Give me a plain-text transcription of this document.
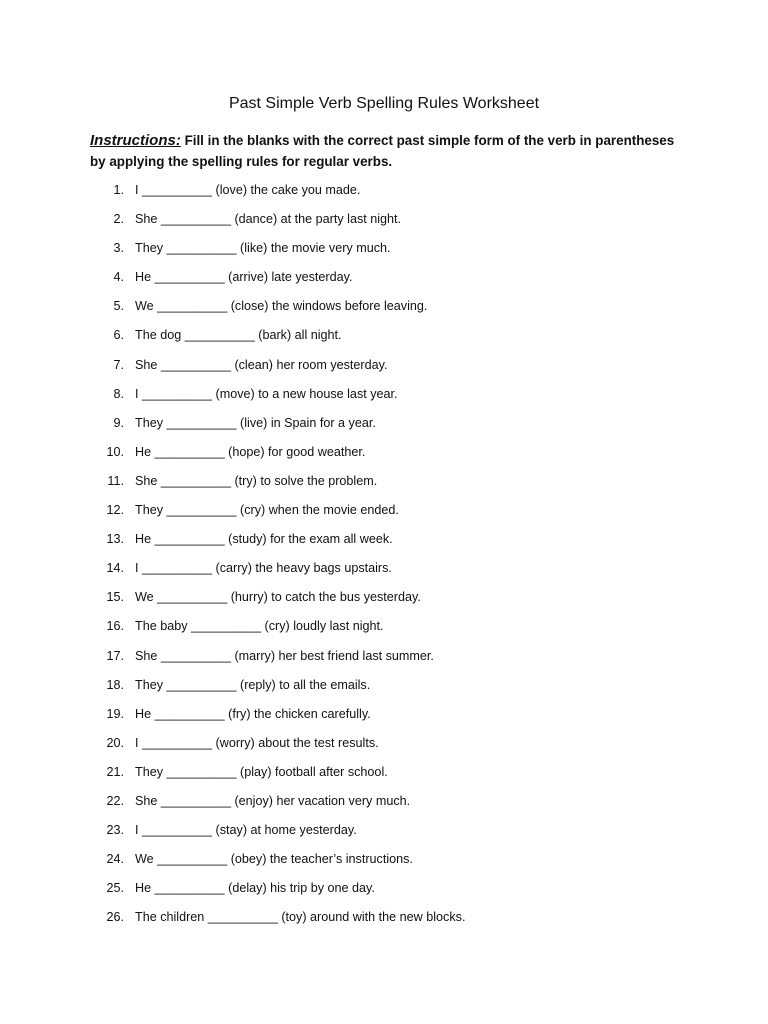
Past Simple Verb Spelling Rules Worksheet
Instructions: Fill in the blanks with the correct past simple form of the verb in parentheses by applying the spelling rules for regular verbs.
1. I __________ (love) the cake you made.
2. She __________ (dance) at the party last night.
3. They __________ (like) the movie very much.
4. He __________ (arrive) late yesterday.
5. We __________ (close) the windows before leaving.
6. The dog __________ (bark) all night.
7. She __________ (clean) her room yesterday.
8. I __________ (move) to a new house last year.
9. They __________ (live) in Spain for a year.
10. He __________ (hope) for good weather.
11. She __________ (try) to solve the problem.
12. They __________ (cry) when the movie ended.
13. He __________ (study) for the exam all week.
14. I __________ (carry) the heavy bags upstairs.
15. We __________ (hurry) to catch the bus yesterday.
16. The baby __________ (cry) loudly last night.
17. She __________ (marry) her best friend last summer.
18. They __________ (reply) to all the emails.
19. He __________ (fry) the chicken carefully.
20. I __________ (worry) about the test results.
21. They __________ (play) football after school.
22. She __________ (enjoy) her vacation very much.
23. I __________ (stay) at home yesterday.
24. We __________ (obey) the teacher’s instructions.
25. He __________ (delay) his trip by one day.
26. The children __________ (toy) around with the new blocks.
